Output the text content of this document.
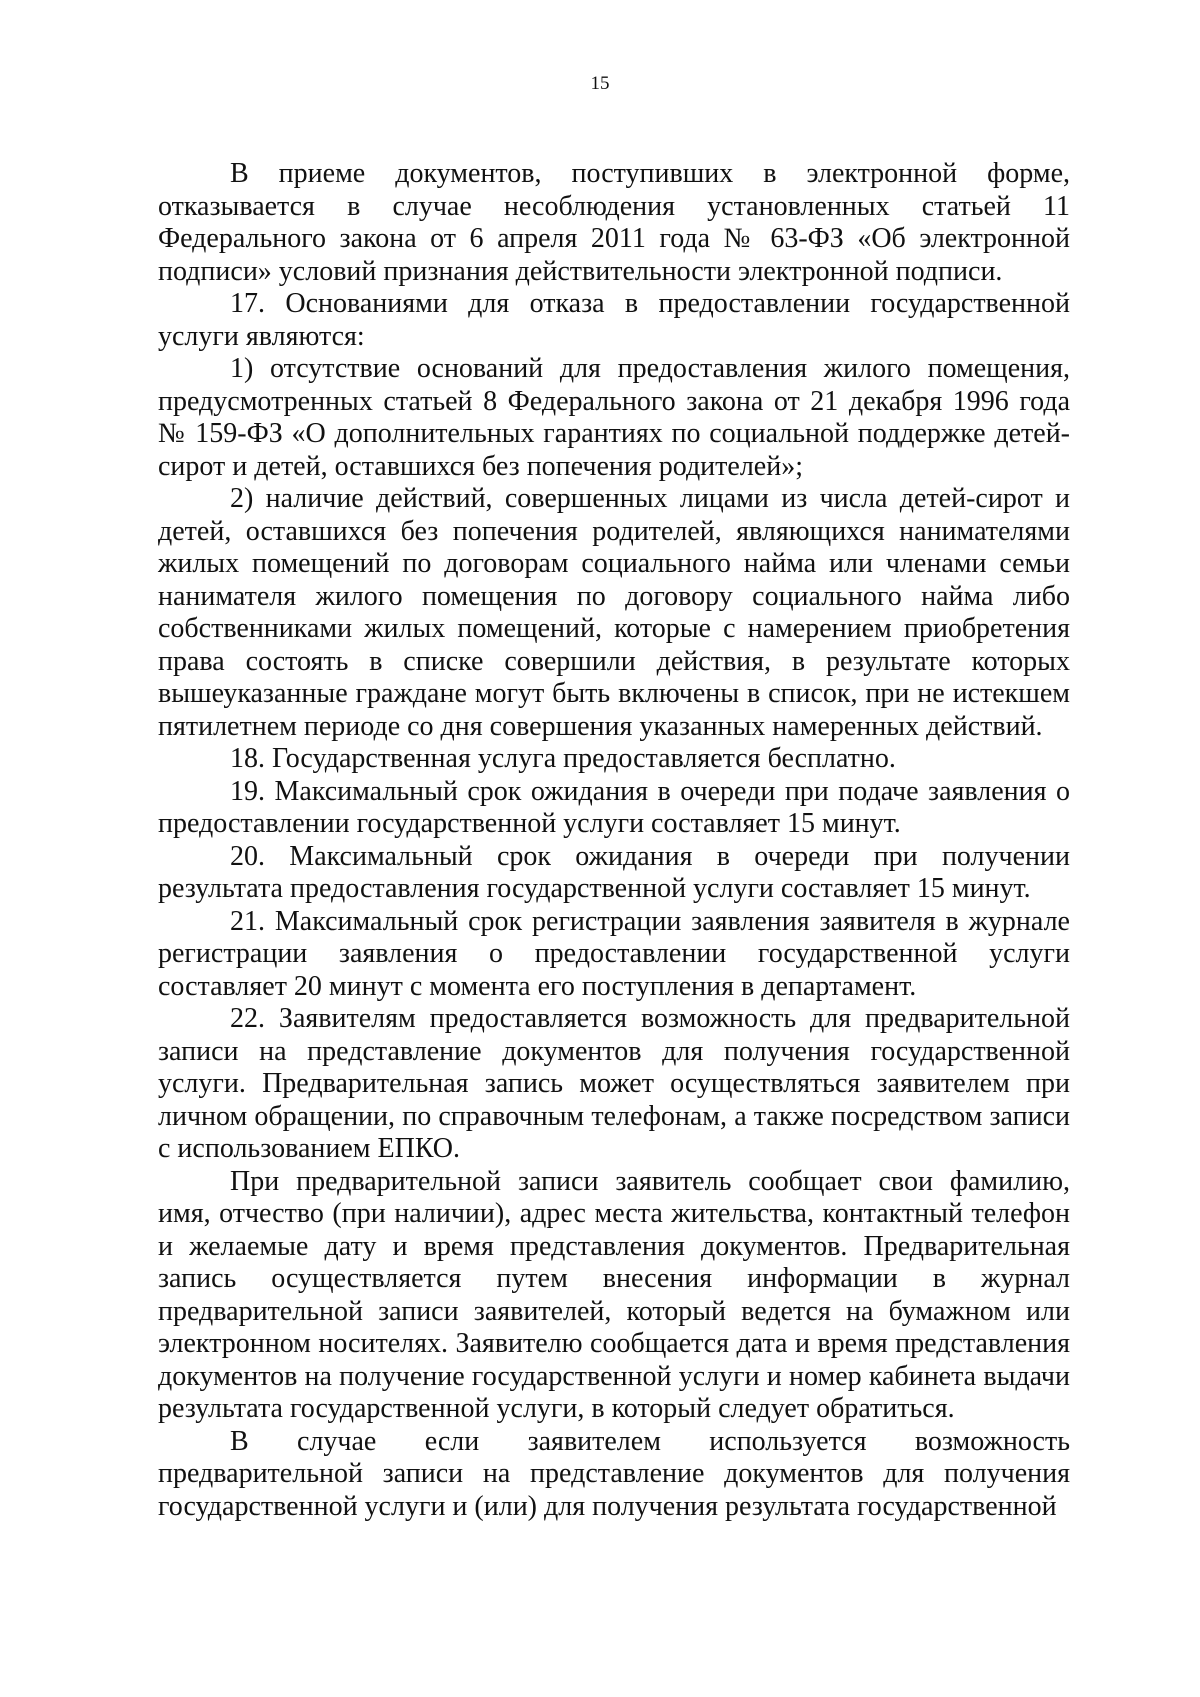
15

В приеме документов, поступивших в электронной форме, отказывается в случае несоблюдения установленных статьей 11 Федерального закона от 6 апреля 2011 года № 63-ФЗ «Об электронной подписи» условий признания действительности электронной подписи.

17. Основаниями для отказа в предоставлении государственной услуги являются:

1) отсутствие оснований для предоставления жилого помещения, предусмотренных статьей 8 Федерального закона от 21 декабря 1996 года № 159-ФЗ «О дополнительных гарантиях по социальной поддержке детей-сирот и детей, оставшихся без попечения родителей»;

2) наличие действий, совершенных лицами из числа детей-сирот и детей, оставшихся без попечения родителей, являющихся нанимателями жилых помещений по договорам социального найма или членами семьи нанимателя жилого помещения по договору социального найма либо собственниками жилых помещений, которые с намерением приобретения права состоять в списке совершили действия, в результате которых вышеуказанные граждане могут быть включены в список, при не истекшем пятилетнем периоде со дня совершения указанных намеренных действий.

18. Государственная услуга предоставляется бесплатно.

19. Максимальный срок ожидания в очереди при подаче заявления о предоставлении государственной услуги составляет 15 минут.

20. Максимальный срок ожидания в очереди при получении результата предоставления государственной услуги составляет 15 минут.

21. Максимальный срок регистрации заявления заявителя в журнале регистрации заявления о предоставлении государственной услуги составляет 20 минут с момента его поступления в департамент.

22. Заявителям предоставляется возможность для предварительной записи на представление документов для получения государственной услуги. Предварительная запись может осуществляться заявителем при личном обращении, по справочным телефонам, а также посредством записи с использованием ЕПКО.

При предварительной записи заявитель сообщает свои фамилию, имя, отчество (при наличии), адрес места жительства, контактный телефон и желаемые дату и время представления документов. Предварительная запись осуществляется путем внесения информации в журнал предварительной записи заявителей, который ведется на бумажном или электронном носителях. Заявителю сообщается дата и время представления документов на получение государственной услуги и номер кабинета выдачи результата государственной услуги, в который следует обратиться.

В случае если заявителем используется возможность предварительной записи на представление документов для получения государственной услуги и (или) для получения результата государственной
